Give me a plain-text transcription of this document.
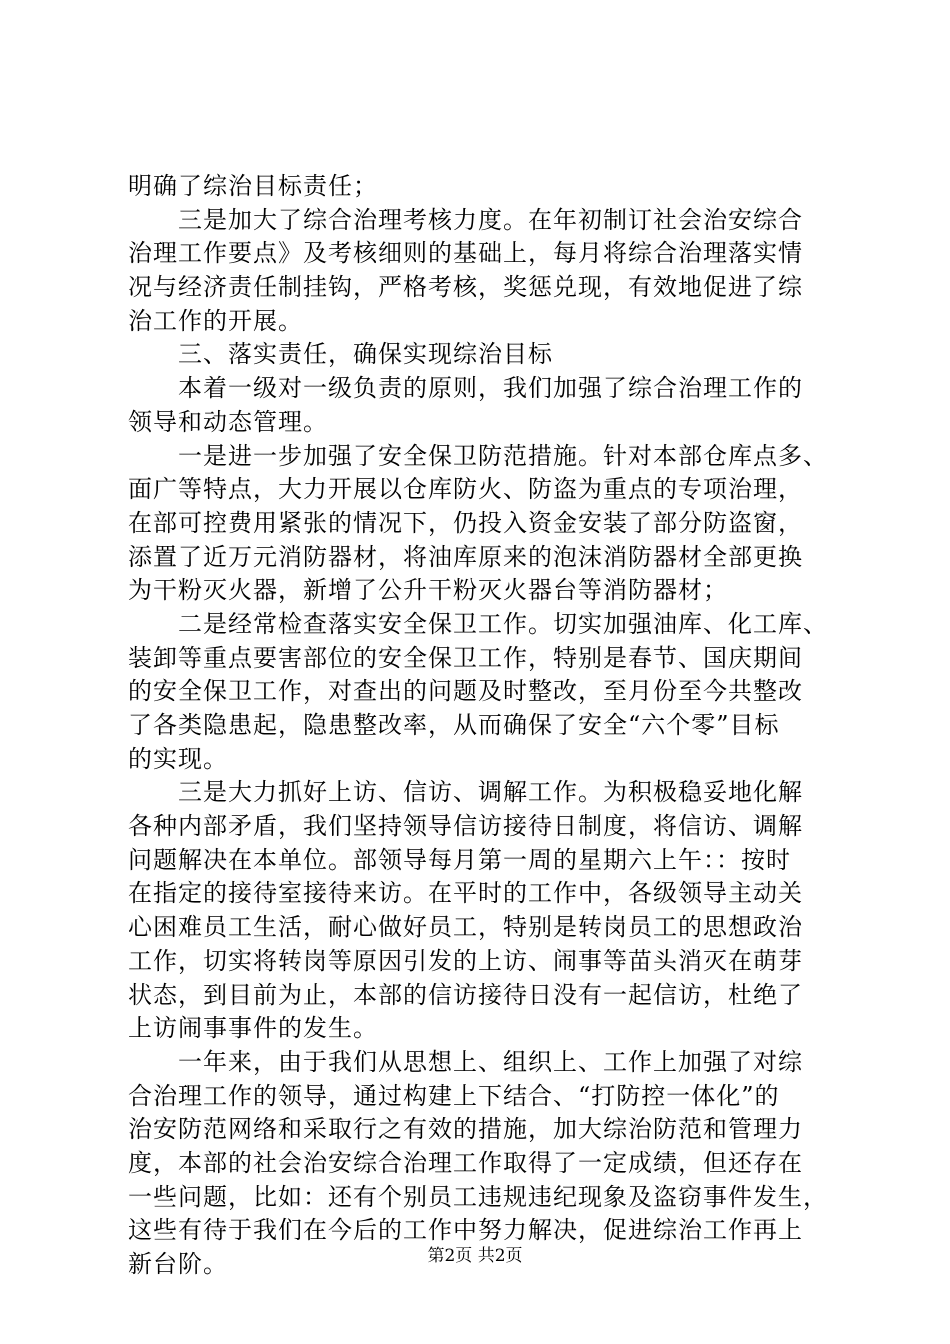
明确了综治目标责任；
三是加大了综合治理考核力度。在年初制订社会治安综合
治理工作要点》及考核细则的基础上，每月将综合治理落实情
况与经济责任制挂钩，严格考核，奖惩兑现，有效地促进了综
治工作的开展。
三、落实责任，确保实现综治目标
本着一级对一级负责的原则，我们加强了综合治理工作的
领导和动态管理。
一是进一步加强了安全保卫防范措施。针对本部仓库点多、
面广等特点，大力开展以仓库防火、防盗为重点的专项治理，
在部可控费用紧张的情况下，仍投入资金安装了部分防盗窗，
添置了近万元消防器材，将油库原来的泡沫消防器材全部更换
为干粉灭火器，新增了公升干粉灭火器台等消防器材；
二是经常检查落实安全保卫工作。切实加强油库、化工库、
装卸等重点要害部位的安全保卫工作，特别是春节、国庆期间
的安全保卫工作，对查出的问题及时整改，至月份至今共整改
了各类隐患起，隐患整改率，从而确保了安全“六个零”目标
的实现。
三是大力抓好上访、信访、调解工作。为积极稳妥地化解
各种内部矛盾，我们坚持领导信访接待日制度，将信访、调解
问题解决在本单位。部领导每月第一周的星期六上午：：按时
在指定的接待室接待来访。在平时的工作中，各级领导主动关
心困难员工生活，耐心做好员工，特别是转岗员工的思想政治
工作，切实将转岗等原因引发的上访、闹事等苗头消灭在萌芽
状态，到目前为止，本部的信访接待日没有一起信访，杜绝了
上访闹事事件的发生。
一年来，由于我们从思想上、组织上、工作上加强了对综
合治理工作的领导，通过构建上下结合、“打防控一体化”的
治安防范网络和采取行之有效的措施，加大综治防范和管理力
度，本部的社会治安综合治理工作取得了一定成绩，但还存在
一些问题，比如：还有个别员工违规违纪现象及盗窃事件发生，
这些有待于我们在今后的工作中努力解决，促进综治工作再上
新台阶。	第2页 共2页
